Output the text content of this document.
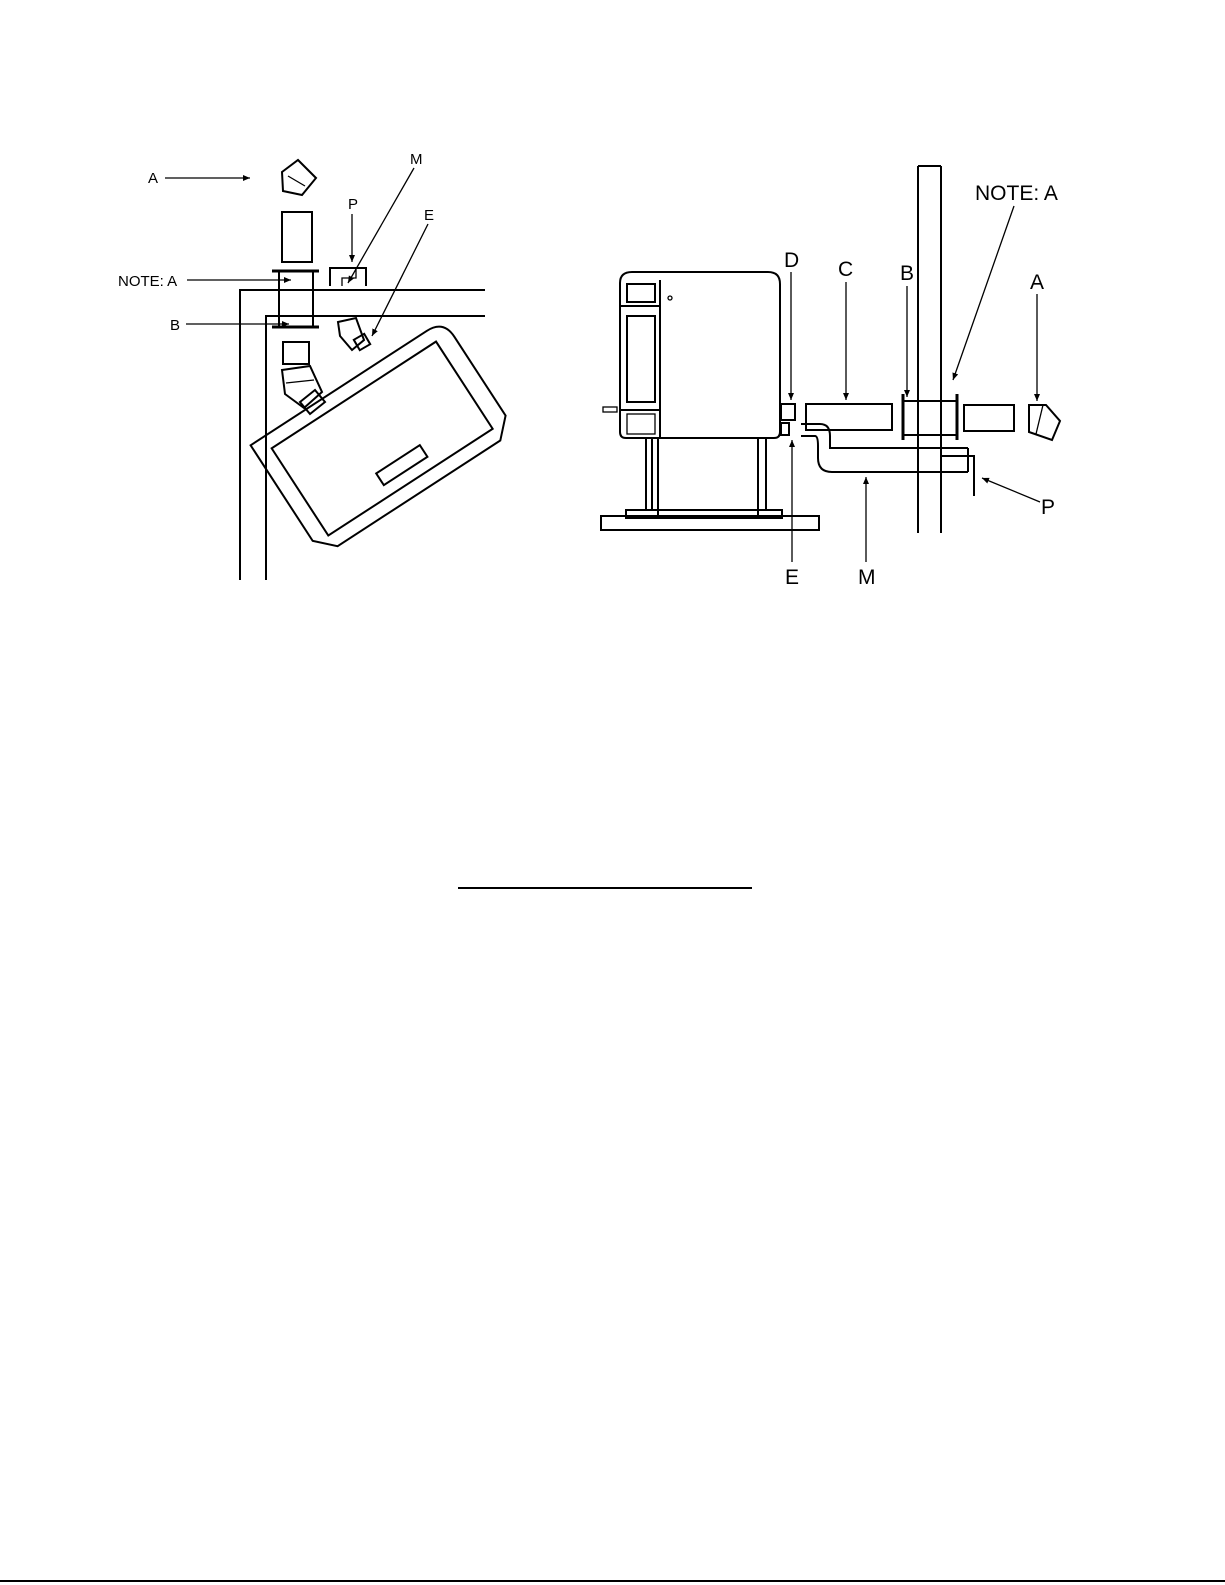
A
NOTE: A
B
P
M
E
D C B
NOTE: A
A
P
E	M
